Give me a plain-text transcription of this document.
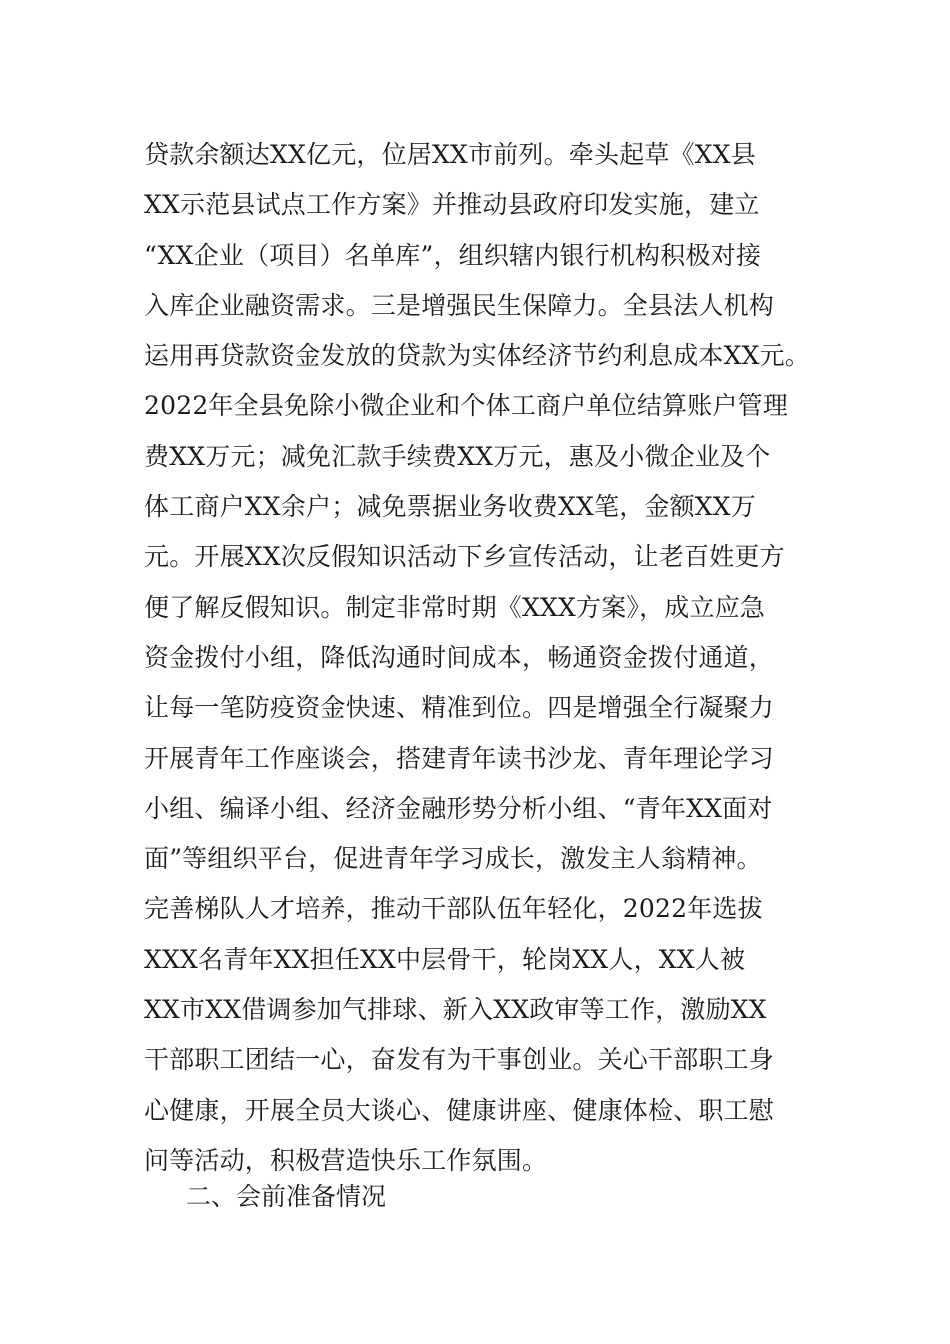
贷款余额达XX亿元，位居XX市前列。牵头起草《XX县
XX示范县试点工作方案》并推动县政府印发实施，建立
“XX企业（项目）名单库”，组织辖内银行机构积极对接
入库企业融资需求。三是增强民生保障力。全县法人机构
运用再贷款资金发放的贷款为实体经济节约利息成本XX元。
2022年全县免除小微企业和个体工商户单位结算账户管理
费XX万元；减免汇款手续费XX万元，惠及小微企业及个
体工商户XX余户；减免票据业务收费XX笔，金额XX万
元。开展XX次反假知识活动下乡宣传活动，让老百姓更方
便了解反假知识。制定非常时期《XXX方案》，成立应急
资金拨付小组，降低沟通时间成本，畅通资金拨付通道，
让每一笔防疫资金快速、精准到位。四是增强全行凝聚力
开展青年工作座谈会，搭建青年读书沙龙、青年理论学习
小组、编译小组、经济金融形势分析小组、“青年XX面对
面”等组织平台，促进青年学习成长，激发主人翁精神。
完善梯队人才培养，推动干部队伍年轻化，2022年选拔
XXX名青年XX担任XX中层骨干，轮岗XX人，XX人被
XX市XX借调参加气排球、新入XX政审等工作，激励XX
干部职工团结一心，奋发有为干事创业。关心干部职工身
心健康，开展全员大谈心、健康讲座、健康体检、职工慰
问等活动，积极营造快乐工作氛围。
二、会前准备情况
